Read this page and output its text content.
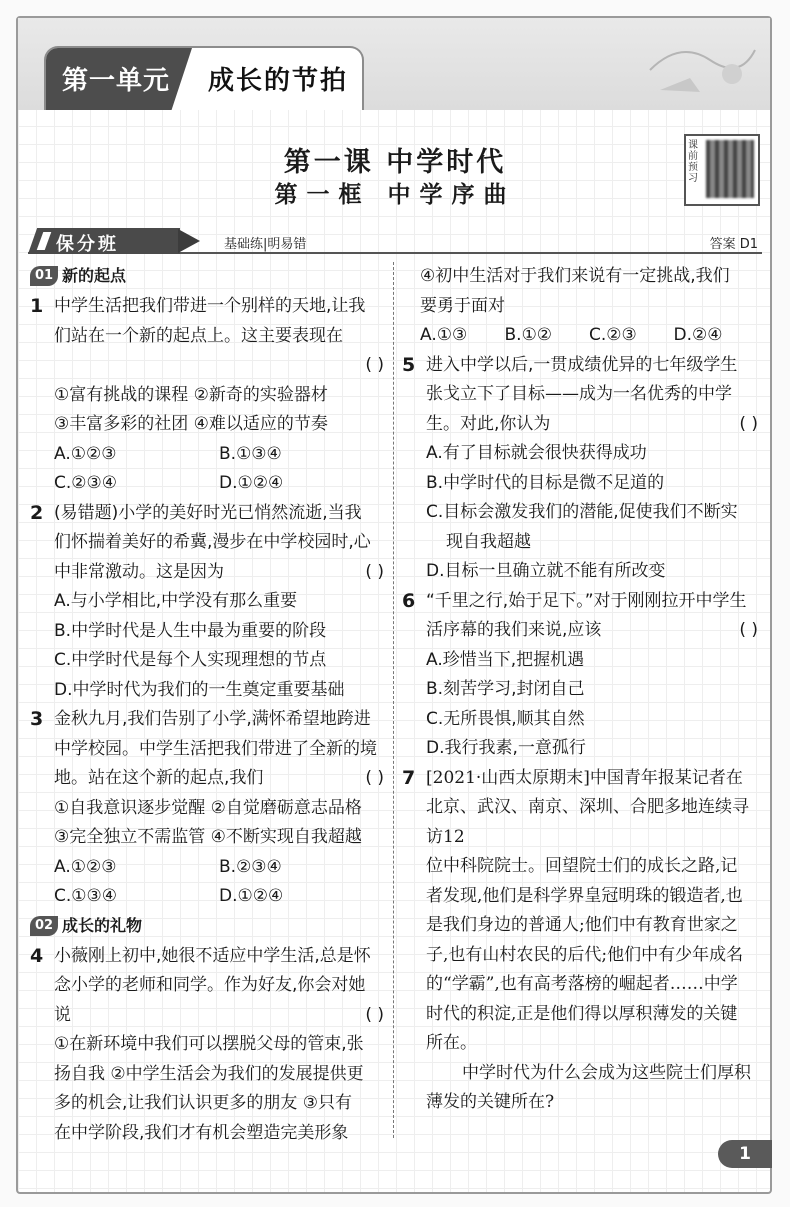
第一单元 成长的节拍
第一课 中学时代
第一框 中学序曲
课前预习
保分班	基础练|明易错	答案 D1
01 新的起点
1 中学生活把我们带进一个别样的天地,让我
们站在一个新的起点上。这主要表现在
( )

①富有挑战的课程 ②新奇的实验器材
③丰富多彩的社团 ④难以适应的节奏
A.①②③	B.①③④
C.②③④	D.①②④
2 (易错题)小学的美好时光已悄然流逝,当我
们怀揣着美好的希冀,漫步在中学校园时,心
中非常激动。这是因为	( )
A.与小学相比,中学没有那么重要
B.中学时代是人生中最为重要的阶段
C.中学时代是每个人实现理想的节点
D.中学时代为我们的一生奠定重要基础
3 金秋九月,我们告别了小学,满怀希望地跨进
中学校园。中学生活把我们带进了全新的境
地。站在这个新的起点,我们	( )
①自我意识逐步觉醒 ②自觉磨砺意志品格
③完全独立不需监管 ④不断实现自我超越
A.①②③	B.②③④
C.①③④	D.①②④
02 成长的礼物
4 小薇刚上初中,她很不适应中学生活,总是怀
念小学的老师和同学。作为好友,你会对她
说	( )
①在新环境中我们可以摆脱父母的管束,张
扬自我 ②中学生活会为我们的发展提供更
多的机会,让我们认识更多的朋友 ③只有
在中学阶段,我们才有机会塑造完美形象
④初中生活对于我们来说有一定挑战,我们
要勇于面对
A.①③	B.①②	C.②③	D.②④
5 进入中学以后,一贯成绩优异的七年级学生
张戈立下了目标——成为一名优秀的中学
生。对此,你认为	( )
A.有了目标就会很快获得成功
B.中学时代的目标是微不足道的
C.目标会激发我们的潜能,促使我们不断实
现自我超越
D.目标一旦确立就不能有所改变
6 “千里之行,始于足下。”对于刚刚拉开中学生
活序幕的我们来说,应该	( )
A.珍惜当下,把握机遇
B.刻苦学习,封闭自己
C.无所畏惧,顺其自然
D.我行我素,一意孤行
7 [2021·山西太原期末]中国青年报某记者在
北京、武汉、南京、深圳、合肥多地连续寻访12
位中科院院士。回望院士们的成长之路,记
者发现,他们是科学界皇冠明珠的锻造者,也
是我们身边的普通人;他们中有教育世家之
子,也有山村农民的后代;他们中有少年成名
的“学霸”,也有高考落榜的崛起者……中学
时代的积淀,正是他们得以厚积薄发的关键
所在。
中学时代为什么会成为这些院士们厚积
薄发的关键所在?
1
